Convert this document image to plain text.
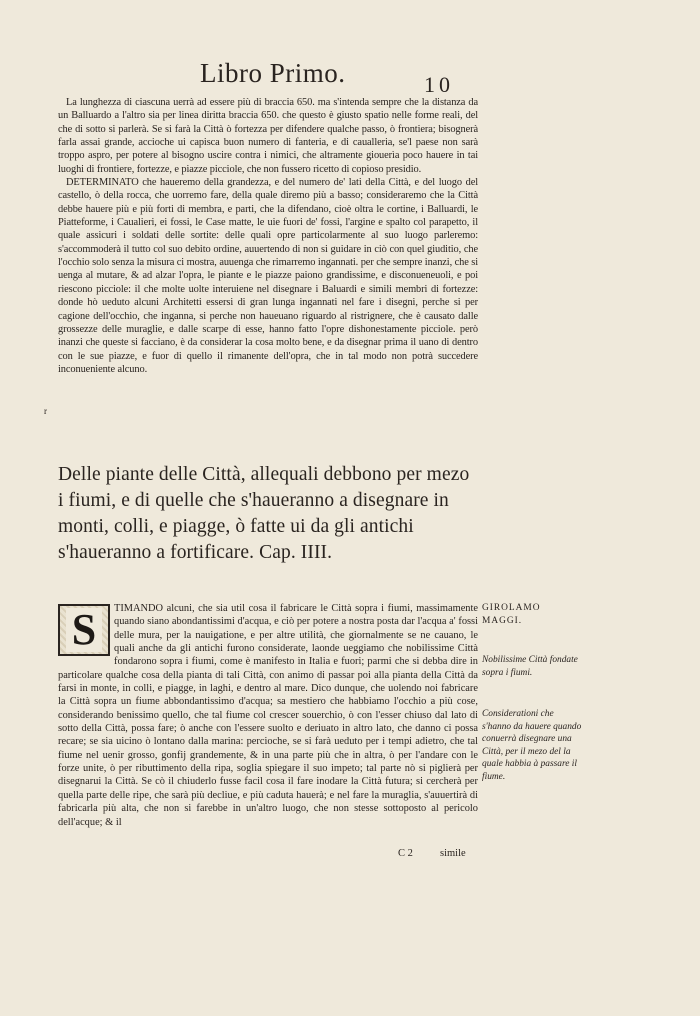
Libro Primo.	10

La lunghezza di ciascuna uerrà ad essere più di braccia 650. ma s'intenda sempre che la distanza da un Balluardo a l'altro sia per linea diritta braccia 650. che questo è giusto spatio nelle forme reali, del che di sotto si parlerà. Se si farà la Città ò fortezza per difendere qualche passo, ò frontiera; bisognerà farla assai grande, accioche ui capisca buon numero di fanteria, e di caualleria, se'l paese non sarà troppo aspro, per potere al bisogno uscire contra i nimici, che altramente giouerìa poco hauere in tai luoghi di frontiere, fortezze, e piazze picciole, che non fussero ricetto di copioso presidio.

DETERMINATO che haueremo della grandezza, e del numero de' lati della Città, e del luogo del castello, ò della rocca, che uorremo fare, della quale diremo più a basso; consideraremo che la Città debbe hauere più e più forti di membra, e parti, che la difendano, cioè oltra le cortine, i Balluardi, le Piatteforme, i Caualieri, ei fossi, le Case matte, le uie fuori de' fossi, l'argine e spalto col parapetto, il quale assicuri i soldati delle sortite: delle quali opre particolarmente al suo luogo parleremo: s'accommoderà il tutto col suo debito ordine, auuertendo di non si guidare in ciò con quel giuditio, che l'occhio solo senza la misura ci mostra, auuenga che rimarremo ingannati. per che sempre inanzi, che si uenga al mutare, & ad alzar l'opra, le piante e le piazze paiono grandissime, e disconueneuoli, e poi riescono picciole: il che molte uolte interuiene nel disegnare i Baluardi e simili membri di fortezze: donde hò ueduto alcuni Architetti essersi di gran lunga ingannati nel fare i disegni, perche si per cagione dell'occhio, che inganna, si perche non haueuano riguardo al ristrignere, che è causato dalle grossezze delle muraglie, e dalle scarpe di esse, hanno fatto l'opre dishonestamente picciole. però inanzi che queste si facciano, è da considerar la cosa molto bene, e da disegnar prima il uano di dentro con le sue piazze, e fuor di quello il rimanente dell'opra, che in tal modo non potrà succedere inconueniente alcuno.

r
Delle piante delle Città, allequali debbono per mezo i fiumi, e di quelle che s'haueranno a disegnare in monti, colli, e piagge, ò fatte ui da gli antichi s'haueranno a fortificare. Cap. IIII.

TIMANDO alcuni, che sia util cosa il fabricare le Città sopra i fiumi, massimamente quando siano abondantissimi d'acqua, e ciò per potere a nostra posta dar l'acqua a' fossi delle mura, per la nauigatione, e per altre utilità, che giornalmente se ne cauano, le quali anche da gli antichi furono considerate, laonde ueggiamo che nobilissime Città fondarono sopra i fiumi, come è manifesto in Italia e fuori; parmi che si debba dire in particolare qualche cosa della pianta di tali Città, con animo di passar poi alla pianta della Città da farsi in monte, in colli, e piagge, in laghi, e dentro al mare. Dico dunque, che uolendo noi fabricare la Città sopra un fiume abbondantissimo d'acqua; sa mestiero che habbiamo l'occhio a più cose, considerando benissimo quello, che tal fiume col crescer souerchio, ò con l'esser chiuso dal lato di sotto della Città, possa fare; ò anche con l'essere suolto e deriuato in altro lato, che danno ci possa recare; se sia uicino ò lontano dalla marina: percioche, se si farà ueduto per i tempi adietro, che tal fiume nel uenir grosso, gonfij grandemente, & in una parte più che in altra, ò per l'andare con le forze unite, ò per ributtimento della ripa, soglia spiegare il suo impeto; tal parte nò si piglierà per disegnarui la Città. Se cò il chiuderlo fusse facil cosa il fare inodare la Città futura; si cercherà per quella parte delle ripe, che sarà più decliue, e più caduta hauerà; e nel fare la muraglia, s'auuertirà di fabricarla più alta, che non si farebbe in un'altro luogo, che non stesse sottoposto al pericolo dell'acque; & il

S	GIROLAMO MAGGI.
Nobilissime Città fondate sopra i fiumi.
Considerationi che s'hanno da hauere quando conuerrà disegnare una Città, per il mezo del la quale habbia à passare il fiume.
C 2	simile
